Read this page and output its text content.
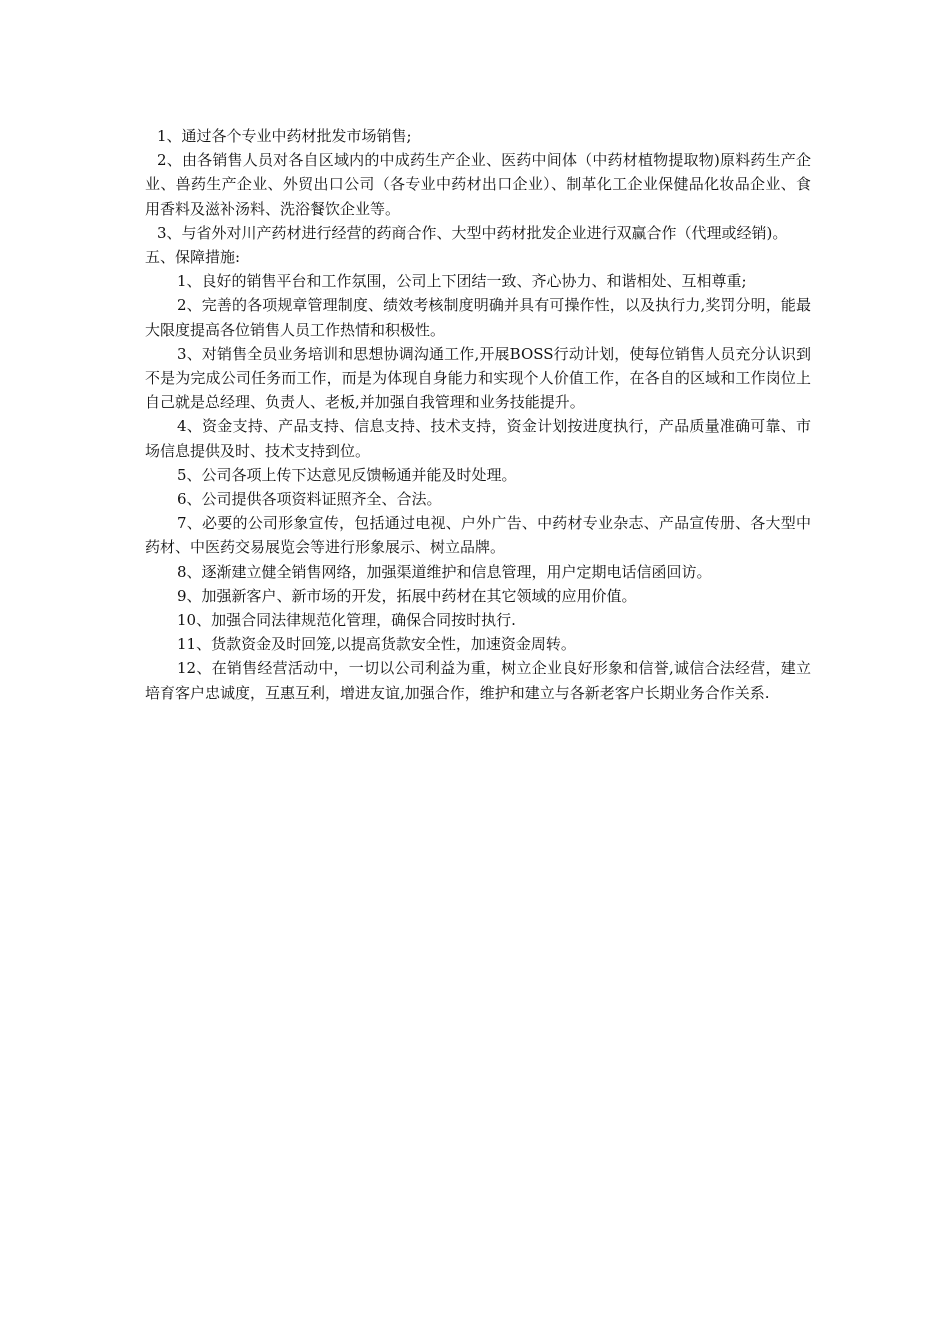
1、通过各个专业中药材批发市场销售;

2、由各销售人员对各自区域内的中成药生产企业、医药中间体（中药材植物提取物)原料药生产企业、兽药生产企业、外贸出口公司（各专业中药材出口企业）、制革化工企业保健品化妆品企业、食用香料及滋补汤料、洗浴餐饮企业等。

3、与省外对川产药材进行经营的药商合作、大型中药材批发企业进行双赢合作（代理或经销)。

五、保障措施:

1、良好的销售平台和工作氛围，公司上下团结一致、齐心协力、和谐相处、互相尊重;

2、完善的各项规章管理制度、绩效考核制度明确并具有可操作性，以及执行力,奖罚分明，能最大限度提高各位销售人员工作热情和积极性。

3、对销售全员业务培训和思想协调沟通工作,开展BOSS行动计划，使每位销售人员充分认识到不是为完成公司任务而工作，而是为体现自身能力和实现个人价值工作，在各自的区域和工作岗位上自己就是总经理、负责人、老板,并加强自我管理和业务技能提升。

4、资金支持、产品支持、信息支持、技术支持，资金计划按进度执行，产品质量准确可靠、市场信息提供及时、技术支持到位。

5、公司各项上传下达意见反馈畅通并能及时处理。

6、公司提供各项资料证照齐全、合法。

7、必要的公司形象宣传，包括通过电视、户外广告、中药材专业杂志、产品宣传册、各大型中药材、中医药交易展览会等进行形象展示、树立品牌。

8、逐渐建立健全销售网络，加强渠道维护和信息管理，用户定期电话信函回访。

9、加强新客户、新市场的开发，拓展中药材在其它领域的应用价值。

10、加强合同法律规范化管理，确保合同按时执行.

11、货款资金及时回笼,以提高货款安全性，加速资金周转。

12、在销售经营活动中，一切以公司利益为重，树立企业良好形象和信誉,诚信合法经营，建立培育客户忠诚度，互惠互利，增进友谊,加强合作，维护和建立与各新老客户长期业务合作关系.
